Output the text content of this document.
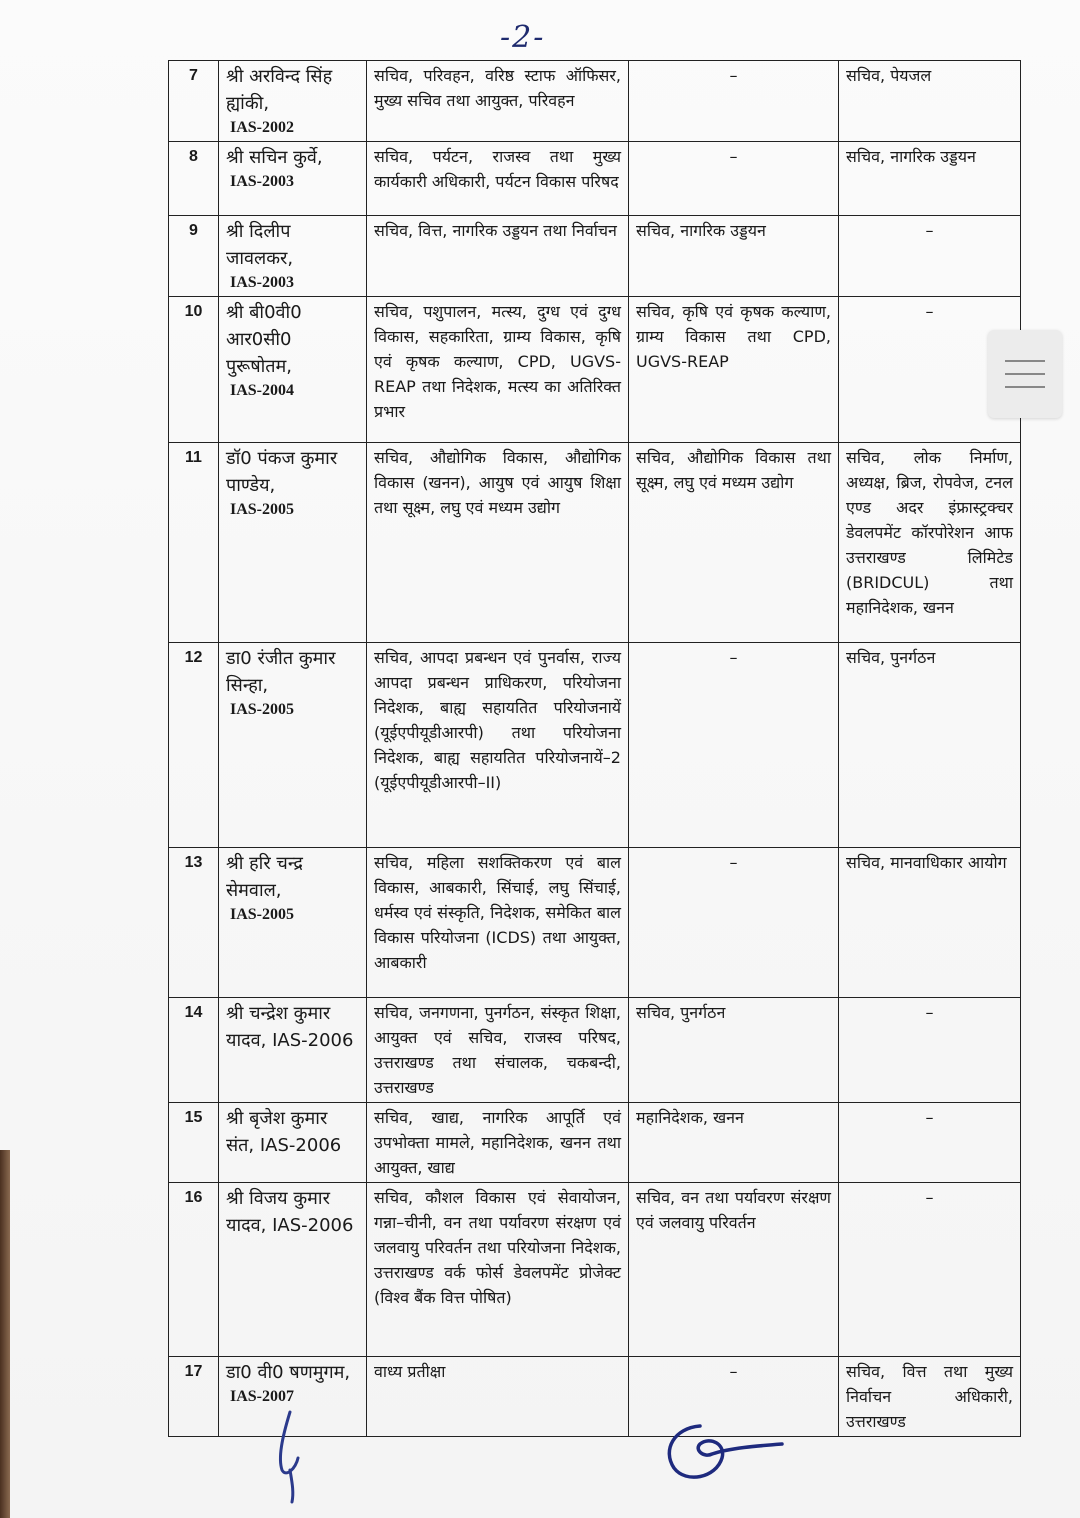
-2-
7	श्री अरविन्द सिंह ह्यांकी,
IAS-2002	सचिव, परिवहन, वरिष्ठ स्टाफ ऑफिसर, मुख्य सचिव तथा आयुक्त, परिवहन	–	सचिव, पेयजल

8	श्री सचिन कुर्वे,
IAS-2003	सचिव, पर्यटन, राजस्व तथा मुख्य कार्यकारी अधिकारी, पर्यटन विकास परिषद	–	सचिव, नागरिक उड्डयन

9	श्री दिलीप जावलकर,
IAS-2003	सचिव, वित्त, नागरिक उड्डयन तथा निर्वाचन	सचिव, नागरिक उड्डयन	–

10	श्री बी0वी0 आर0सी0 पुरूषोतम,
IAS-2004	सचिव, पशुपालन, मत्स्य, दुग्ध एवं दुग्ध विकास, सहकारिता, ग्राम्य विकास, कृषि एवं कृषक कल्याण, CPD, UGVS-REAP तथा निदेशक, मत्स्य का अतिरिक्त प्रभार	सचिव, कृषि एवं कृषक कल्याण, ग्राम्य विकास तथा CPD, UGVS-REAP	–

11	डॉ0 पंकज कुमार पाण्डेय,
IAS-2005	सचिव, औद्योगिक विकास, औद्योगिक विकास (खनन), आयुष एवं आयुष शिक्षा तथा सूक्ष्म, लघु एवं मध्यम उद्योग	सचिव, औद्योगिक विकास तथा सूक्ष्म, लघु एवं मध्यम उद्योग	सचिव, लोक निर्माण, अध्यक्ष, ब्रिज, रोपवेज, टनल एण्ड अदर इंफ्रास्ट्रक्चर डेवलपमेंट कॉरपोरेशन आफ उत्तराखण्ड लिमिटेड (BRIDCUL) तथा महानिदेशक, खनन

12	डा0 रंजीत कुमार सिन्हा,
IAS-2005	सचिव, आपदा प्रबन्धन एवं पुनर्वास, राज्य आपदा प्रबन्धन प्राधिकरण, परियोजना निदेशक, बाह्य सहायतित परियोजनायें (यूईएपीयूडीआरपी) तथा परियोजना निदेशक, बाह्य सहायतित परियोजनायें–2 (यूईएपीयूडीआरपी–II)	–	सचिव, पुनर्गठन

13	श्री हरि चन्द्र सेमवाल,
IAS-2005	सचिव, महिला सशक्तिकरण एवं बाल विकास, आबकारी, सिंचाई, लघु सिंचाई, धर्मस्व एवं संस्कृति, निदेशक, समेकित बाल विकास परियोजना (ICDS) तथा आयुक्त, आबकारी	–	सचिव, मानवाधिकार आयोग

14	श्री चन्द्रेश कुमार यादव, IAS-2006	सचिव, जनगणना, पुनर्गठन, संस्कृत शिक्षा, आयुक्त एवं सचिव, राजस्व परिषद, उत्तराखण्ड तथा संचालक, चकबन्दी, उत्तराखण्ड	सचिव, पुनर्गठन	–

15	श्री बृजेश कुमार संत, IAS-2006	सचिव, खाद्य, नागरिक आपूर्ति एवं उपभोक्ता मामले, महानिदेशक, खनन तथा आयुक्त, खाद्य	महानिदेशक, खनन	–

16	श्री विजय कुमार यादव, IAS-2006	सचिव, कौशल विकास एवं सेवायोजन, गन्ना–चीनी, वन तथा पर्यावरण संरक्षण एवं जलवायु परिवर्तन तथा परियोजना निदेशक, उत्तराखण्ड वर्क फोर्स डेवलपमेंट प्रोजेक्ट (विश्व बैंक वित्त पोषित)	सचिव, वन तथा पर्यावरण संरक्षण एवं जलवायु परिवर्तन	–

17	डा0 वी0 षणमुगम,
IAS-2007	वाध्य प्रतीक्षा	–	सचिव, वित्त तथा मुख्य निर्वाचन अधिकारी, उत्तराखण्ड
